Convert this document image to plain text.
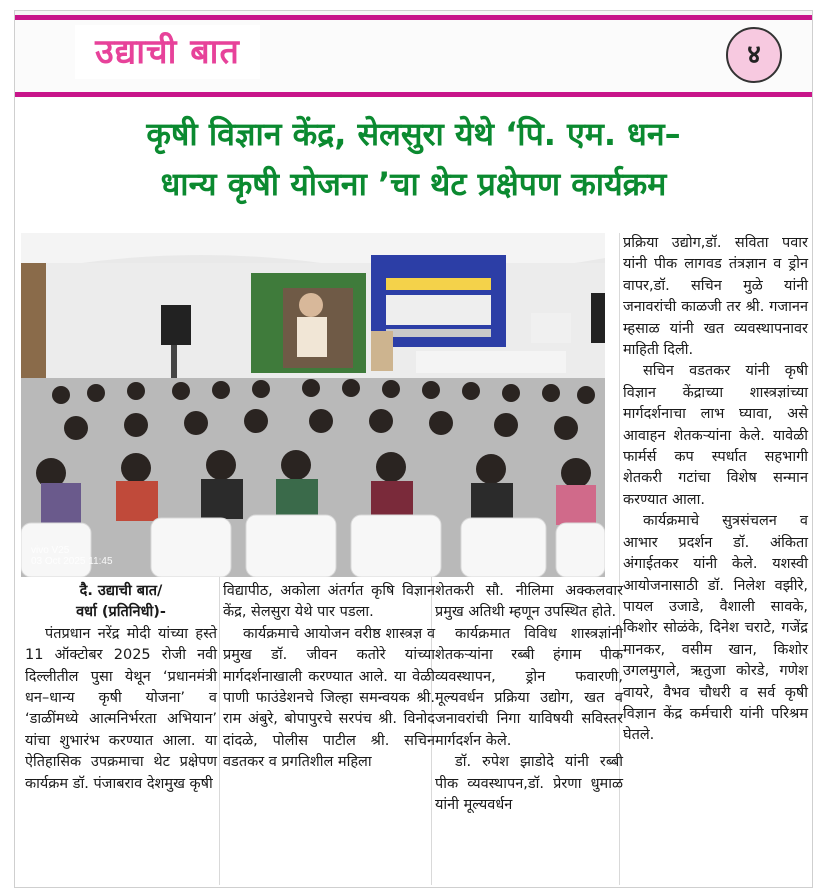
उद्याची बात	४
कृषी विज्ञान केंद्र, सेलसुरा येथे ‘पि. एम. धन–
धान्य कृषी योजना ’चा थेट प्रक्षेपण कार्यक्रम
vivo V25
03 Oct 2025 11:45

दै. उद्याची बात/

वर्धा (प्रतिनिधी)-

पंतप्रधान नरेंद्र मोदी यांच्या हस्ते 11 ऑक्टोबर 2025 रोजी नवी दिल्लीतील पुसा येथून ‘प्रधानमंत्री धन–धान्य कृषी योजना’ व ‘डाळींमध्ये आत्मनिर्भरता अभियान’ यांचा शुभारंभ करण्यात आला. या ऐतिहासिक उपक्रमाचा थेट प्रक्षेपण कार्यक्रम डॉ. पंजाबराव देशमुख कृषी

विद्यापीठ, अकोला अंतर्गत कृषि विज्ञान केंद्र, सेलसुरा येथे पार पडला.

कार्यक्रमाचे आयोजन वरीष्ठ शास्त्रज्ञ व प्रमुख डॉ. जीवन कतोरे यांच्या मार्गदर्शनाखाली करण्यात आले. या वेळी पाणी फाउंडेशनचे जिल्हा समन्वयक श्री. राम अंबुरे, बोपापुरचे सरपंच श्री. विनोद दांदळे, पोलीस पाटील श्री. सचिन वडतकर व प्रगतिशील महिला

शेतकरी सौ. नीलिमा अक्कलवार प्रमुख अतिथी म्हणून उपस्थित होते.

कार्यक्रमात विविध शास्त्रज्ञांनी शेतकऱ्यांना रब्बी हंगाम पीक व्यवस्थापन, ड्रोन फवारणी, मूल्यवर्धन प्रक्रिया उद्योग, खत व जनावरांची निगा याविषयी सविस्तर मार्गदर्शन केले.

डॉ. रुपेश झाडोदे यांनी रब्बी पीक व्यवस्थापन,डॉ. प्रेरणा धुमाळ यांनी मूल्यवर्धन

प्रक्रिया उद्योग,डॉ. सविता पवार यांनी पीक लागवड तंत्रज्ञान व ड्रोन वापर,डॉ. सचिन मुळे यांनी जनावरांची काळजी तर श्री. गजानन म्हसाळ यांनी खत व्यवस्थापनावर माहिती दिली.

सचिन वडतकर यांनी कृषी विज्ञान केंद्राच्या शास्त्रज्ञांच्या मार्गदर्शनाचा लाभ घ्यावा, असे आवाहन शेतकऱ्यांना केले. यावेळी फार्मर्स कप स्पर्धात सहभागी शेतकरी गटांचा विशेष सन्मान करण्यात आला.

कार्यक्रमाचे सुत्रसंचलन व आभार प्रदर्शन डॉ. अंकिता अंगाईतकर यांनी केले. यशस्वी आयोजनासाठी डॉ. निलेश वझीरे, पायल उजाडे, वैशाली सावके, किशोर सोळंके, दिनेश चराटे, गजेंद्र मानकर, वसीम खान, किशोर उगलमुगले, ऋतुजा कोरडे, गणेश वायरे, वैभव चौधरी व सर्व कृषी विज्ञान केंद्र कर्मचारी यांनी परिश्रम घेतले.
